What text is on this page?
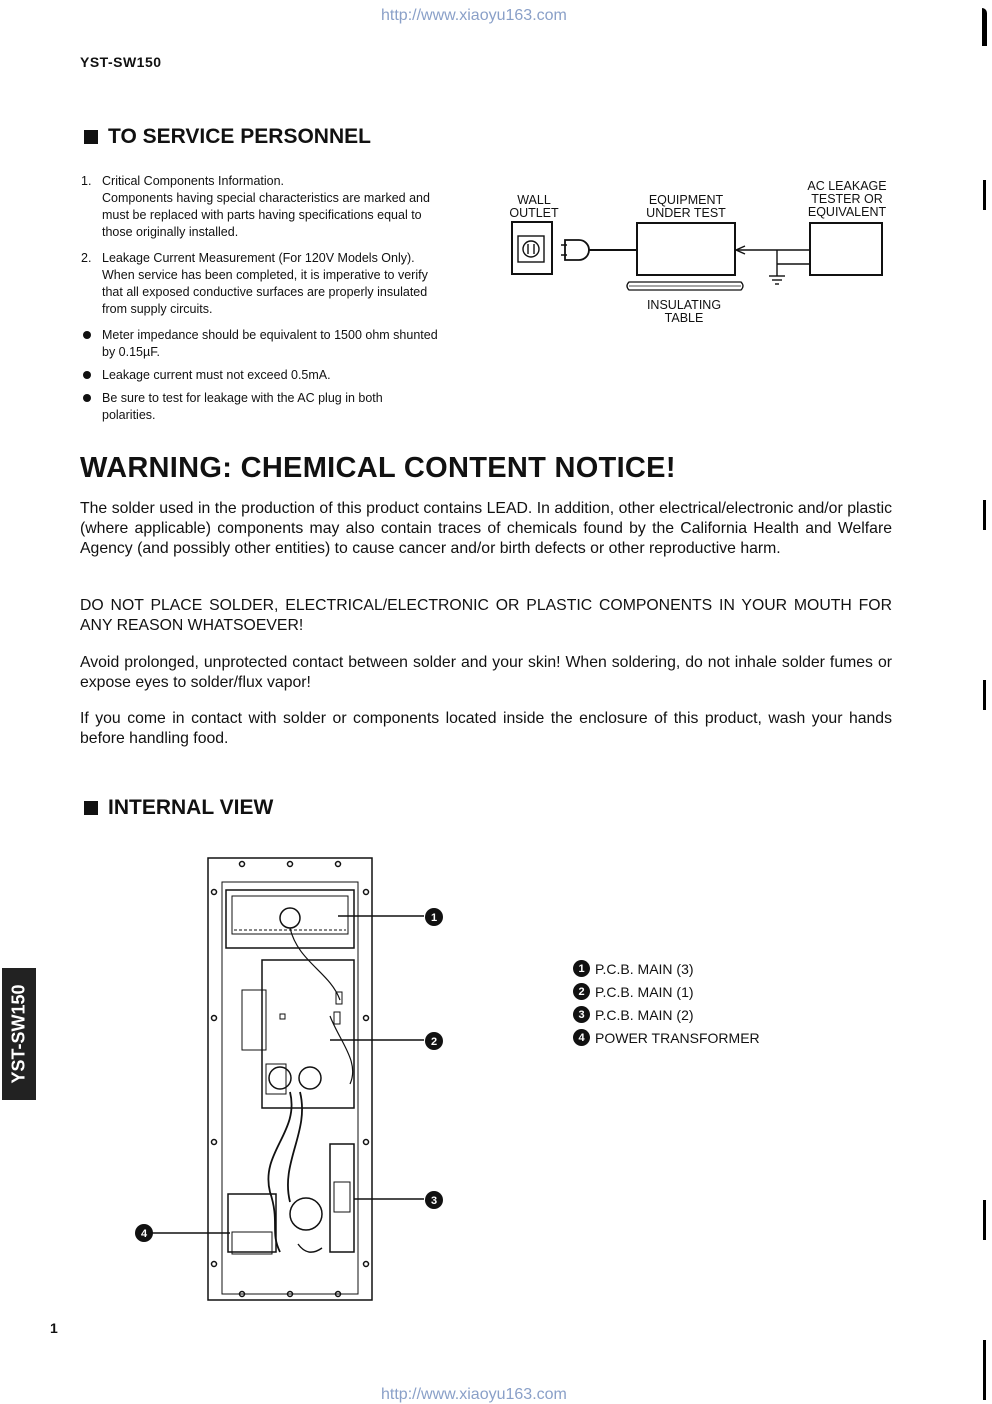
http://www.xiaoyu163.com
YST-SW150
TO SERVICE PERSONNEL
1. Critical Components Information.
Components having special characteristics are marked and
must be replaced with parts having specifications equal to
those originally installed.
2. Leakage Current Measurement (For 120V Models Only).
When service has been completed, it is imperative to verify
that all exposed conductive surfaces are properly insulated
from supply circuits.
Meter impedance should be equivalent to 1500 ohm shunted
by 0.15µF.
Leakage current must not exceed 0.5mA.
Be sure to test for leakage with the AC plug in both
polarities.
WALL
OUTLET
EQUIPMENT
UNDER TEST
AC LEAKAGE
TESTER OR
EQUIVALENT
INSULATING
TABLE
WARNING: CHEMICAL CONTENT NOTICE!
The solder used in the production of this product contains LEAD. In addition, other electrical/electronic and/or plastic (where applicable) components may also contain traces of chemicals found by the California Health and Welfare Agency (and possibly other entities) to cause cancer and/or birth defects or other reproductive harm.
DO NOT PLACE SOLDER, ELECTRICAL/ELECTRONIC OR PLASTIC COMPONENTS IN YOUR MOUTH FOR ANY REASON WHATSOEVER!
Avoid prolonged, unprotected contact between solder and your skin! When soldering, do not inhale solder fumes or expose eyes to solder/flux vapor!
If you come in contact with solder or components located inside the enclosure of this product, wash your hands before handling food.
INTERNAL VIEW
1
2
3
4
1 P.C.B. MAIN (3)
2 P.C.B. MAIN (1)
3 P.C.B. MAIN (2)
4 POWER TRANSFORMER
YST-SW150
1
http://www.xiaoyu163.com
